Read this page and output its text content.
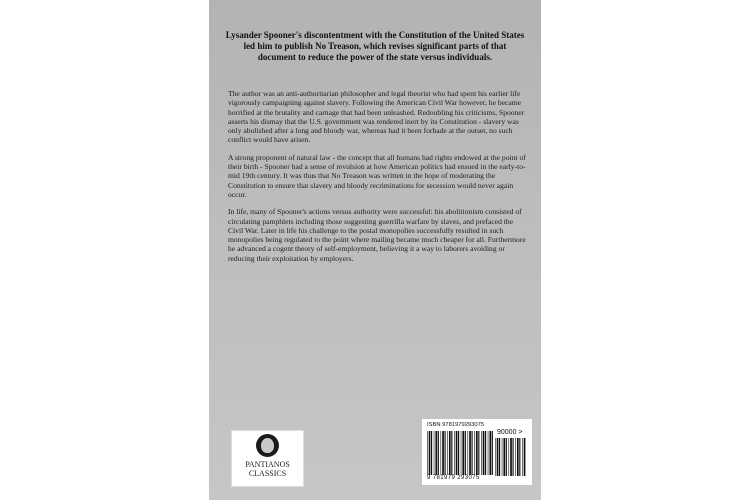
Lysander Spooner's discontentment with the Constitution of the United States led him to publish No Treason, which revises significant parts of that document to reduce the power of the state versus individuals.

The author was an anti-authoritarian philosopher and legal theorist who had spent his earlier life vigorously campaigning against slavery. Following the American Civil War however, he became horrified at the brutality and carnage that had been unleashed. Redoubling his criticisms, Spooner asserts his dismay that the U.S. government was rendered inert by its Constitution - slavery was only abolished after a long and bloody war, whereas had it been forbade at the outset, no such conflict would have arisen.

A strong proponent of natural law - the concept that all humans had rights endowed at the point of their birth - Spooner had a sense of revulsion at how American politics had ensued in the early-to-mid 19th century. It was thus that No Treason was written in the hope of moderating the Constitution to ensure that slavery and bloody recriminations for secession would never again occur.

In life, many of Spooner's actions versus authority were successful: his abolitionism consisted of circulating pamphlets including those suggesting guerrilla warfare by slaves, and prefaced the Civil War. Later in life his challenge to the postal monopolies successfully resulted in such monopolies being regulated to the point where mailing became much cheaper for all. Furthermore he advanced a cogent theory of self-employment, believing it a way to laborers avoiding or reducing their exploitation by employers.

PANTIANOS
CLASSICS
ISBN 9781979293075
90000 >
9 781979 293075
